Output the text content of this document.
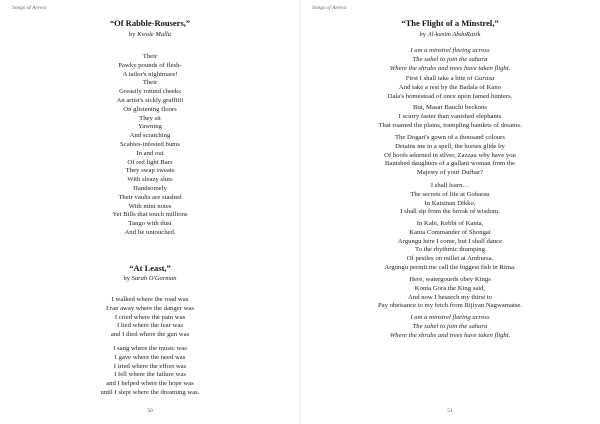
Songs of Arewa
“Of Rabble-Rousers,”
by Kwole Mallu
Their
Pawky pounds of flesh-
A tailor's nightmare!
Their
Greasily rotund cheeks
An artist's sickly graffiti!
On glistening floors
They sit
Yawning
And scratching
Scabies-infested bums
In and out
Of red light Bars
They swap sweats
With sleazy sluts
Handsomely
Their vaults are stashed
With mint notes
Yet Bills that touch millions
Tango with dust
And lie untouched.
“At Least,”
by Sarah O'Gorman
I walked where the road was
I ran away where the danger was
I cried where the pain was
I lied where the fear was
and I died where the gun was
I sang where the music was
I gave where the need was
I tried where the effort was
I fell where the failure was
and I helped where the hope was
until I slept where the dreaming was.
50
Songs of Arewa
“The Flight of a Minstrel,”
by Al-kasim AbduRazik
I am a minstrel fleeing across
The sahel to join the sahara
Where the shrubs and trees have taken flight.
First I shall take a bite of Gurasa
And take a rest by the Badala of Kano
Dala's homestead of once upon famed hunters.
But, Masar Bauchi beckons
I scurry faster than vanished elephants
That roamed the plains, trampling hamlets of dreams.
The Dogari's gown of a thousand colours
Detains me in a spell, the horses glide by
Of hoofs adorned in silver, Zazzau why have you
Banished daughters of a gallant woman from the
Majesty of your Durbar?
I shall learn…
The secrets of life at Gobarau
In Katsinan Dikko,
I shall sip from the brook of wisdom.
In Kabi, Kebbi of Kanta,
Kanta Commander of Shongai
Argungu here I come, but I shall dance
To the rhythmic thumping
Of pestles on millet at Ambursa.
Argungu permit me call the biggest fish in Rima.
Here, watergourds obey Kings
Konta Gora the King said,
And now I beseech my thirst to
Pay obeisance to my fetch from Rijiyan Nagwamatse.
I am a minstrel fleeing across
The sahel to join the sahara
Where the shrubs and trees have taken flight.
51
